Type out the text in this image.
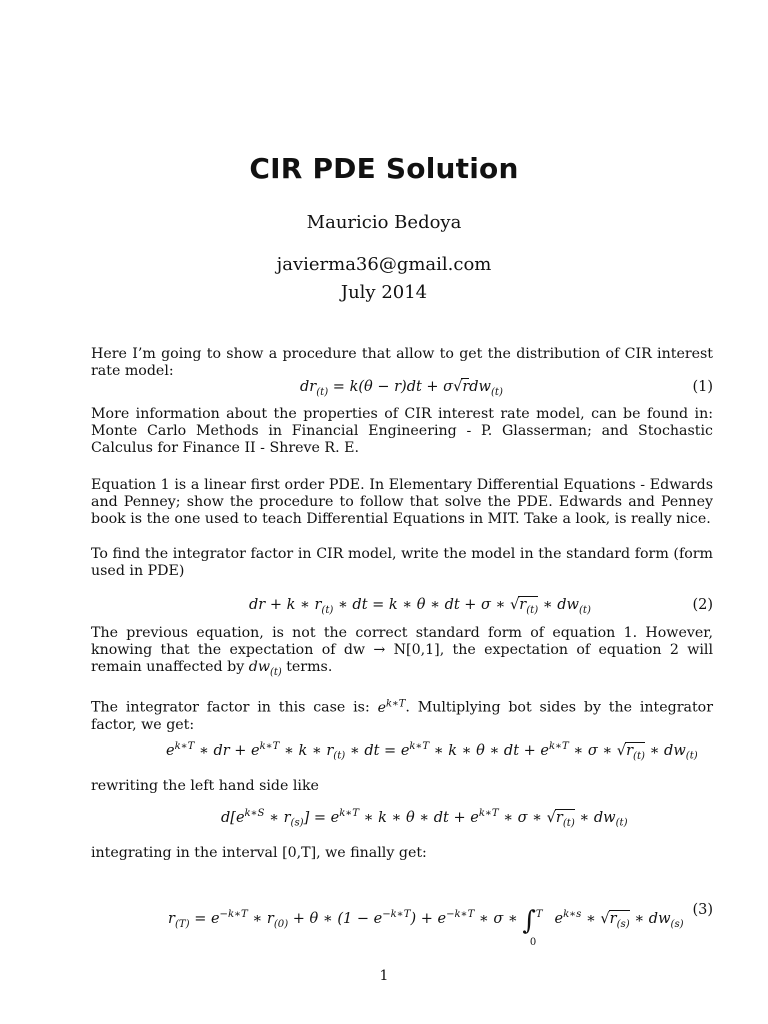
CIR PDE Solution
Mauricio Bedoya
javierma36@gmail.com
July 2014
Here I’m going to show a procedure that allow to get the distribution of CIR interest rate model:
$dr_{(t)} = k(\theta - r)dt + \sigma√rdw_{(t)}$	(1)
More information about the properties of CIR interest rate model, can be found in: Monte Carlo Methods in Financial Engineering - P. Glasserman; and Stochastic Calculus for Finance II - Shreve R. E.
Equation 1 is a linear first order PDE. In Elementary Differential Equations - Edwards and Penney; show the procedure to follow that solve the PDE. Edwards and Penney book is the one used to teach Differential Equations in MIT. Take a look, is really nice.
To find the integrator factor in CIR model, write the model in the standard form (form used in PDE)
dr + k ∗ $r_{(t)}$ ∗ dt = k ∗ θ ∗ dt + σ ∗ $√r_{(t)}$ ∗ $dw_{(t)}$	(2)
The previous equation, is not the correct standard form of equation 1. However, knowing that the expectation of dw → N[0,1], the expectation of equation 2 will remain unaffected by $dw_{(t)}$ terms.
The integrator factor in this case is: $e^{k∗T}$. Multiplying bot sides by the integrator factor, we get:
$e^{k∗T}$ ∗ dr + $e^{k∗T}$ ∗ k ∗ $r_{(t)}$ ∗ dt = $e^{k∗T}$ ∗ k ∗ θ ∗ dt + $e^{k∗T}$ ∗ σ ∗ $√r_{(t)}$ ∗ $dw_{(t)}$
rewriting the left hand side like
$d[e^{k∗S}$ ∗ $r_{(s)}] = e^{k∗T}$ ∗ k ∗ θ ∗ dt + $e^{k∗T}$ ∗ σ ∗ $√r_{(t)}$ ∗ $dw_{(t)}$
integrating in the interval [0,T], we finally get:
$r_{(T)} = e^{-k∗T}$ ∗ $r_{(0)} + \theta$ ∗ $(1 - e^{-k∗T}) + e^{-k∗T}$ ∗ σ ∗ ∫ T
0
$e^{k∗s}$ ∗ $√r_{(s)}$ ∗ $dw_{(s)}$
(3)
1
